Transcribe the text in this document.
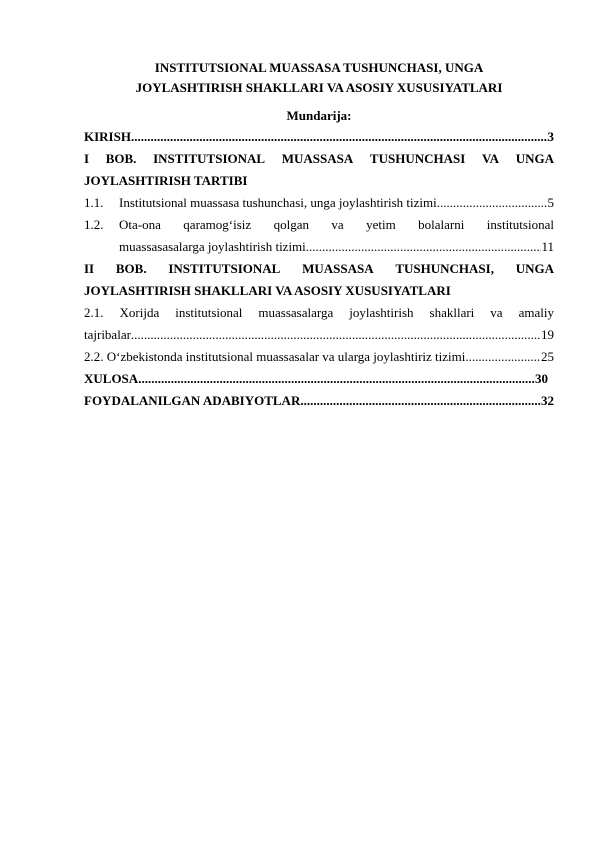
INSTITUTSIONAL MUASSASA TUSHUNCHASI, UNGA
JOYLASHTIRISH SHAKLLARI VA ASOSIY XUSUSIYATLARI
Mundarija:
KIRISH .....	3
I BOB. INSTITUTSIONAL MUASSASA TUSHUNCHASI VA UNGA
JOYLASHTIRISH TARTIBI
1.1.	Institutsional muassasa tushunchasi, unga joylashtirish tizimi .....	5
1.2.	Ota-ona qaramog‘isiz qolgan va yetim bolalarni institutsional
muassasasalarga joylashtirish tizimi .....	11
II BOB. INSTITUTSIONAL MUASSASA TUSHUNCHASI, UNGA
JOYLASHTIRISH SHAKLLARI VA ASOSIY XUSUSIYATLARI
2.1. Xorijda institutsional muassasalarga joylashtirish shakllari va amaliy
tajribalar .....	19
2.2. O‘zbekistonda institutsional muassasalar va ularga joylashtiriz tizimi .....	25
XULOSA .....	30
FOYDALANILGAN ADABIYOTLAR .....	32
